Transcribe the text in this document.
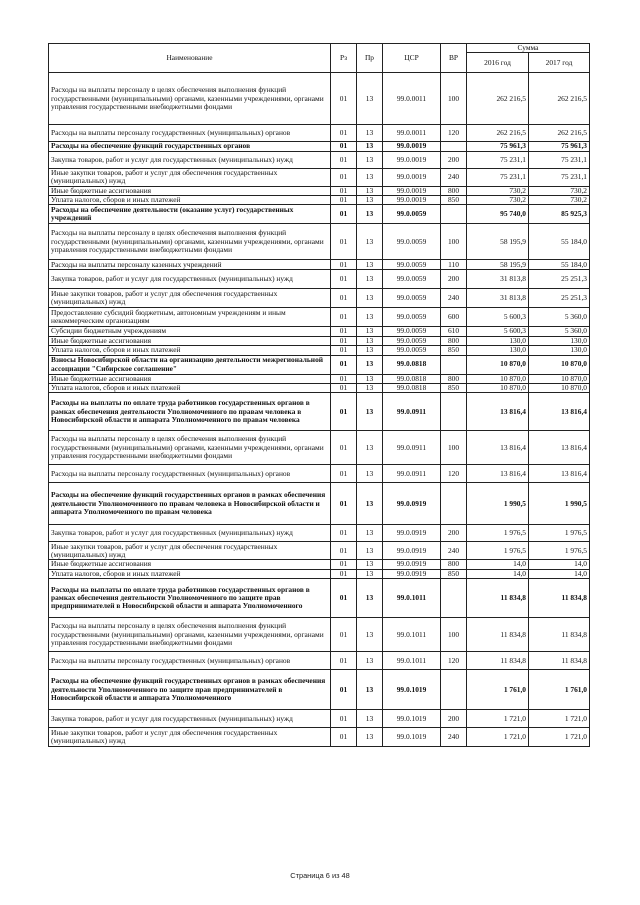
Наименование	Рз	Пр	ЦСР	ВР	Сумма	
					2016 год	2017 год
Расходы на выплаты персоналу в целях обеспечения выполнения функций государственными (муниципальными) органами, казенными учреждениями, органами управления государственными внебюджетными фондами	01	13	99.0.0011	100	262 216,5	262 216,5
Расходы на выплаты персоналу государственных (муниципальных) органов	01	13	99.0.0011	120	262 216,5	262 216,5
Расходы на обеспечение функций государственных органов	01	13	99.0.0019		75 961,3	75 961,3
Закупка товаров, работ и услуг для государственных (муниципальных) нужд	01	13	99.0.0019	200	75 231,1	75 231,1
Иные закупки товаров, работ и услуг для обеспечения государственных (муниципальных) нужд	01	13	99.0.0019	240	75 231,1	75 231,1
Иные бюджетные ассигнования	01	13	99.0.0019	800	730,2	730,2
Уплата налогов, сборов и иных платежей	01	13	99.0.0019	850	730,2	730,2
Расходы на обеспечение деятельности (оказание услуг) государственных учреждений	01	13	99.0.0059		95 740,0	85 925,3
Расходы на выплаты персоналу в целях обеспечения выполнения функций государственными (муниципальными) органами, казенными учреждениями, органами управления государственными внебюджетными фондами	01	13	99.0.0059	100	58 195,9	55 184,0
Расходы на выплаты персоналу казенных учреждений	01	13	99.0.0059	110	58 195,9	55 184,0
Закупка товаров, работ и услуг для государственных (муниципальных) нужд	01	13	99.0.0059	200	31 813,8	25 251,3
Иные закупки товаров, работ и услуг для обеспечения государственных (муниципальных) нужд	01	13	99.0.0059	240	31 813,8	25 251,3
Предоставление субсидий бюджетным, автономным учреждениям и иным некоммерческим организациям	01	13	99.0.0059	600	5 600,3	5 360,0
Субсидии бюджетным учреждениям	01	13	99.0.0059	610	5 600,3	5 360,0
Иные бюджетные ассигнования	01	13	99.0.0059	800	130,0	130,0
Уплата налогов, сборов и иных платежей	01	13	99.0.0059	850	130,0	130,0
Взносы Новосибирской области на организацию деятельности межрегиональной ассоциации "Сибирское соглашение"	01	13	99.0.0818		10 870,0	10 870,0
Иные бюджетные ассигнования	01	13	99.0.0818	800	10 870,0	10 870,0
Уплата налогов, сборов и иных платежей	01	13	99.0.0818	850	10 870,0	10 870,0
Расходы на выплаты по оплате труда работников государственных органов в рамках обеспечения деятельности Уполномоченного по правам человека в Новосибирской области и аппарата Уполномоченного по правам человека	01	13	99.0.0911		13 816,4	13 816,4
Расходы на выплаты персоналу в целях обеспечения выполнения функций государственными (муниципальными) органами, казенными учреждениями, органами управления государственными внебюджетными фондами	01	13	99.0.0911	100	13 816,4	13 816,4
Расходы на выплаты персоналу государственных (муниципальных) органов	01	13	99.0.0911	120	13 816,4	13 816,4
Расходы на обеспечение функций государственных органов в рамках обеспечения деятельности Уполномоченного по правам человека в Новосибирской области и аппарата Уполномоченного по правам человека	01	13	99.0.0919		1 990,5	1 990,5
Закупка товаров, работ и услуг для государственных (муниципальных) нужд	01	13	99.0.0919	200	1 976,5	1 976,5
Иные закупки товаров, работ и услуг для обеспечения государственных (муниципальных) нужд	01	13	99.0.0919	240	1 976,5	1 976,5
Иные бюджетные ассигнования	01	13	99.0.0919	800	14,0	14,0
Уплата налогов, сборов и иных платежей	01	13	99.0.0919	850	14,0	14,0
Расходы на выплаты по оплате труда работников государственных органов в рамках обеспечения деятельности Уполномоченного по защите прав предпринимателей в Новосибирской области и аппарата Уполномоченного	01	13	99.0.1011		11 834,8	11 834,8
Расходы на выплаты персоналу в целях обеспечения выполнения функций государственными (муниципальными) органами, казенными учреждениями, органами управления государственными внебюджетными фондами	01	13	99.0.1011	100	11 834,8	11 834,8
Расходы на выплаты персоналу государственных (муниципальных) органов	01	13	99.0.1011	120	11 834,8	11 834,8
Расходы на обеспечение функций государственных органов в рамках обеспечения деятельности Уполномоченного по защите прав предпринимателей в Новосибирской области и аппарата Уполномоченного	01	13	99.0.1019		1 761,0	1 761,0
Закупка товаров, работ и услуг для государственных (муниципальных) нужд	01	13	99.0.1019	200	1 721,0	1 721,0
Иные закупки товаров, работ и услуг для обеспечения государственных (муниципальных) нужд	01	13	99.0.1019	240	1 721,0	1 721,0
Страница 6 из 48
